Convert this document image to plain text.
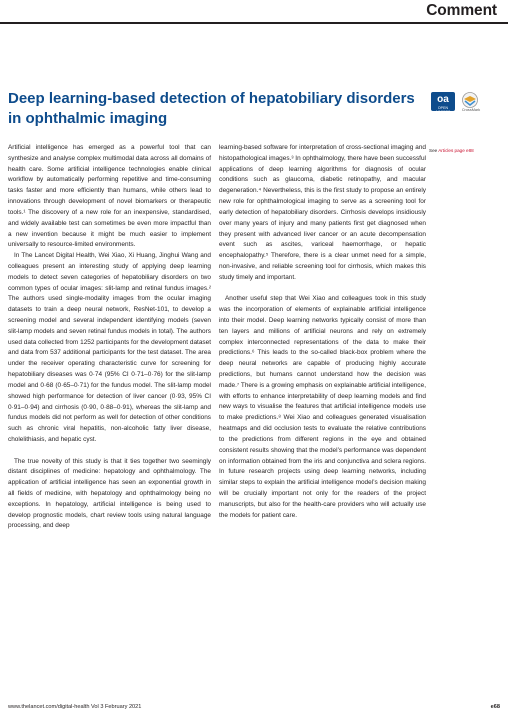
Comment
Deep learning-based detection of hepatobiliary disorders in ophthalmic imaging
oa
OPEN ACCESS	CrossMark
See Articles page e88

Artificial intelligence has emerged as a powerful tool that can synthesize and analyse complex multimodal data across all domains of health care. Some artificial intelligence technologies enable clinical workflow by automatically performing repetitive and time-consuming tasks faster and more efficiently than humans, while others lead to innovations through development of novel biomarkers or therapeutic tools.¹ The discovery of a new role for an inexpensive, standardised, and widely available test can sometimes be even more impactful than a new invention because it might be much easier to implement universally to resource-limited environments.

In The Lancet Digital Health, Wei Xiao, Xi Huang, Jinghui Wang and colleagues present an interesting study of applying deep learning models to detect seven categories of hepatobiliary disorders on two common types of ocular images: slit-lamp and retinal fundus images.² The authors used single-modality images from the ocular imaging datasets to train a deep neural network, ResNet-101, to develop a screening model and several independent identifying models (seven slit-lamp models and seven retinal fundus models in total). The authors used data collected from 1252 participants for the development dataset and data from 537 additional participants for the test dataset. The area under the receiver operating characteristic curve for screening for hepatobiliary diseases was 0·74 (95% CI 0·71–0·76) for the slit-lamp model and 0·68 (0·65–0·71) for the fundus model. The slit-lamp model showed high performance for detection of liver cancer (0·93, 95% CI 0·91–0·94) and cirrhosis (0·90, 0·88–0·91), whereas the slit-lamp and fundus models did not perform as well for detection of other conditions such as chronic viral hepatitis, non-alcoholic fatty liver disease, cholelithiasis, and hepatic cyst.

The true novelty of this study is that it ties together two seemingly distant disciplines of medicine: hepatology and ophthalmology. The application of artificial intelligence has seen an exponential growth in all fields of medicine, with hepatology and ophthalmology being no exceptions. In hepatology, artificial intelligence is being used to develop prognostic models, chart review tools using natural language processing, and deep

learning-based software for interpretation of cross-sectional imaging and histopathological images.³ In ophthalmology, there have been successful applications of deep learning algorithms for diagnosis of ocular conditions such as glaucoma, diabetic retinopathy, and macular degeneration.⁴ Nevertheless, this is the first study to propose an entirely new role for ophthalmological imaging to serve as a screening tool for early detection of hepatobiliary disorders. Cirrhosis develops insidiously over many years of injury and many patients first get diagnosed when they present with advanced liver cancer or an acute decompensation event such as ascites, variceal haemorrhage, or hepatic encephalopathy.⁵ Therefore, there is a clear unmet need for a simple, non-invasive, and reliable screening tool for cirrhosis, which makes this study timely and important.

Another useful step that Wei Xiao and colleagues took in this study was the incorporation of elements of explainable artificial intelligence into their model. Deep learning networks typically consist of more than ten layers and millions of artificial neurons and rely on extremely complex interconnected representations of the data to make their predictions.⁶ This leads to the so-called black-box problem where the deep neural networks are capable of producing highly accurate predictions, but humans cannot understand how the decision was made.⁷ There is a growing emphasis on explainable artificial intelligence, with efforts to enhance interpretability of deep learning models and find new ways to visualise the features that artificial intelligence models use to make predictions.⁸ Wei Xiao and colleagues generated visualisation heatmaps and did occlusion tests to evaluate the relative contributions to the predictions from different regions in the eye and obtained consistent results showing that the model’s performance was dependent on information obtained from the iris and conjunctiva and sclera regions. In future research projects using deep learning networks, including similar steps to explain the artificial intelligence model’s decision making will be crucially important not only for the readers of the project manuscripts, but also for the health-care providers who will actually use the models for patient care.

www.thelancet.com/digital-health Vol 3 February 2021	e68
